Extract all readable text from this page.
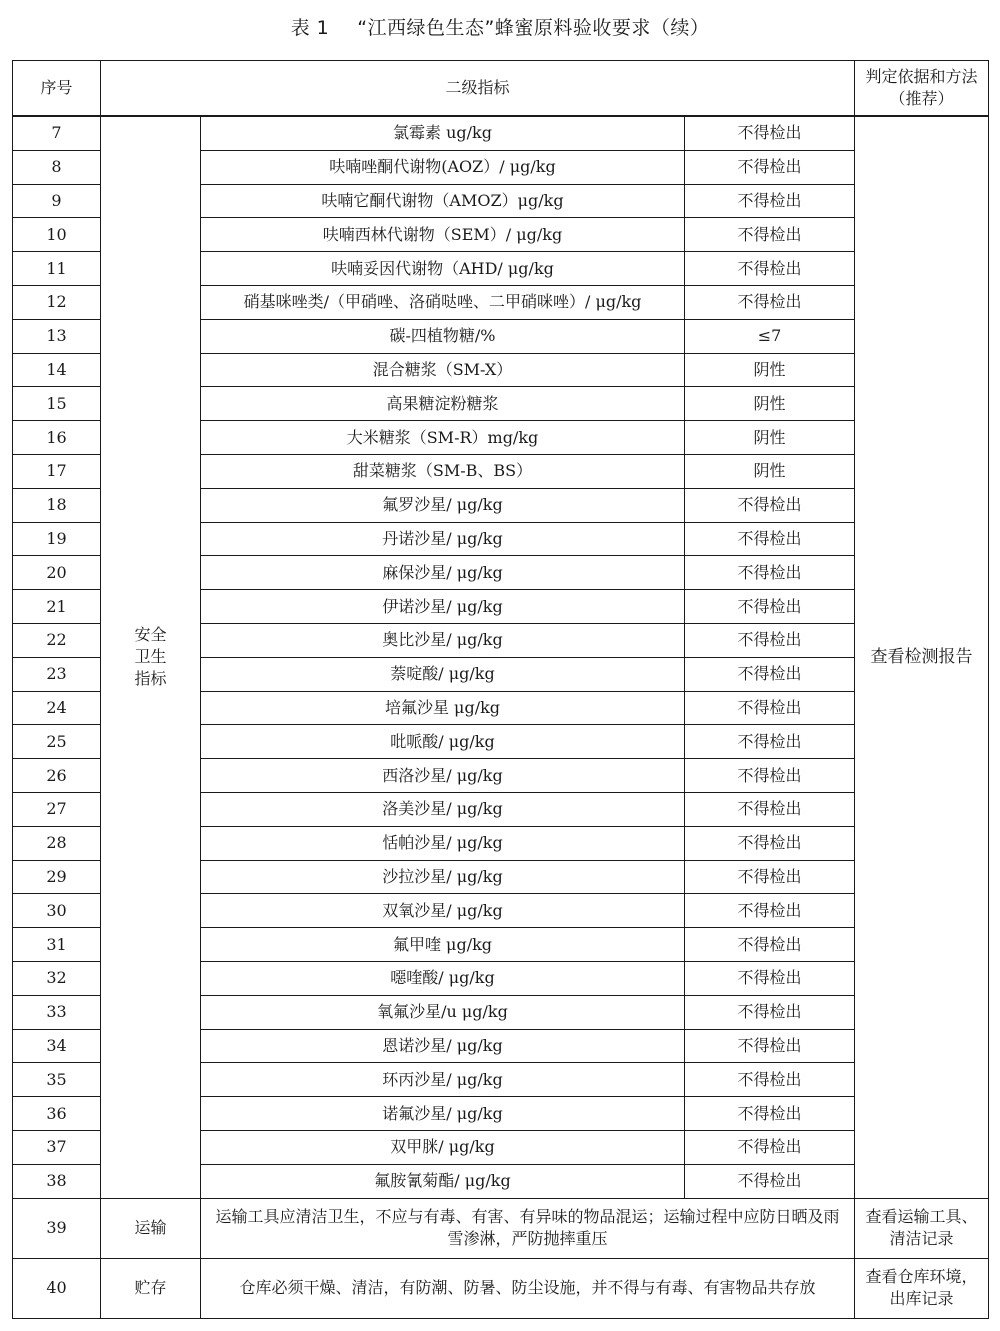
表 1 “江西绿色生态”蜂蜜原料验收要求（续）
序号	二级指标			判定依据和方法（推荐）
7	安全卫生指标	氯霉素 ug/kg	不得检出	查看检测报告
8		呋喃唑酮代谢物(AOZ）/ μg/kg	不得检出	
9		呋喃它酮代谢物（AMOZ）μg/kg	不得检出	
10		呋喃西林代谢物（SEM）/ μg/kg	不得检出	
11		呋喃妥因代谢物（AHD/ μg/kg	不得检出	
12		硝基咪唑类/（甲硝唑、洛硝哒唑、二甲硝咪唑）/ μg/kg	不得检出	
13		碳-四植物糖/%	≤7	
14		混合糖浆（SM-X）	阴性	
15		高果糖淀粉糖浆	阴性	
16		大米糖浆（SM-R）mg/kg	阴性	
17		甜菜糖浆（SM-B、BS）	阴性	
18		氟罗沙星/ μg/kg	不得检出	
19		丹诺沙星/ μg/kg	不得检出	
20		麻保沙星/ μg/kg	不得检出	
21		伊诺沙星/ μg/kg	不得检出	
22		奥比沙星/ μg/kg	不得检出	
23		萘啶酸/ μg/kg	不得检出	
24		培氟沙星 μg/kg	不得检出	
25		吡哌酸/ μg/kg	不得检出	
26		西洛沙星/ μg/kg	不得检出	
27		洛美沙星/ μg/kg	不得检出	
28		恬帕沙星/ μg/kg	不得检出	
29		沙拉沙星/ μg/kg	不得检出	
30		双氧沙星/ μg/kg	不得检出	
31		氟甲喹 μg/kg	不得检出	
32		噁喹酸/ μg/kg	不得检出	
33		氧氟沙星/u μg/kg	不得检出	
34		恩诺沙星/ μg/kg	不得检出	
35		环丙沙星/ μg/kg	不得检出	
36		诺氟沙星/ μg/kg	不得检出	
37		双甲脒/ μg/kg	不得检出	
38		氟胺氰菊酯/ μg/kg	不得检出	
39	运输	运输工具应清洁卫生，不应与有毒、有害、有异味的物品混运；运输过程中应防日晒及雨雪渗淋，严防抛摔重压		查看运输工具、清洁记录
40	贮存	仓库必须干燥、清洁，有防潮、防暑、防尘设施，并不得与有毒、有害物品共存放		查看仓库环境，出库记录
